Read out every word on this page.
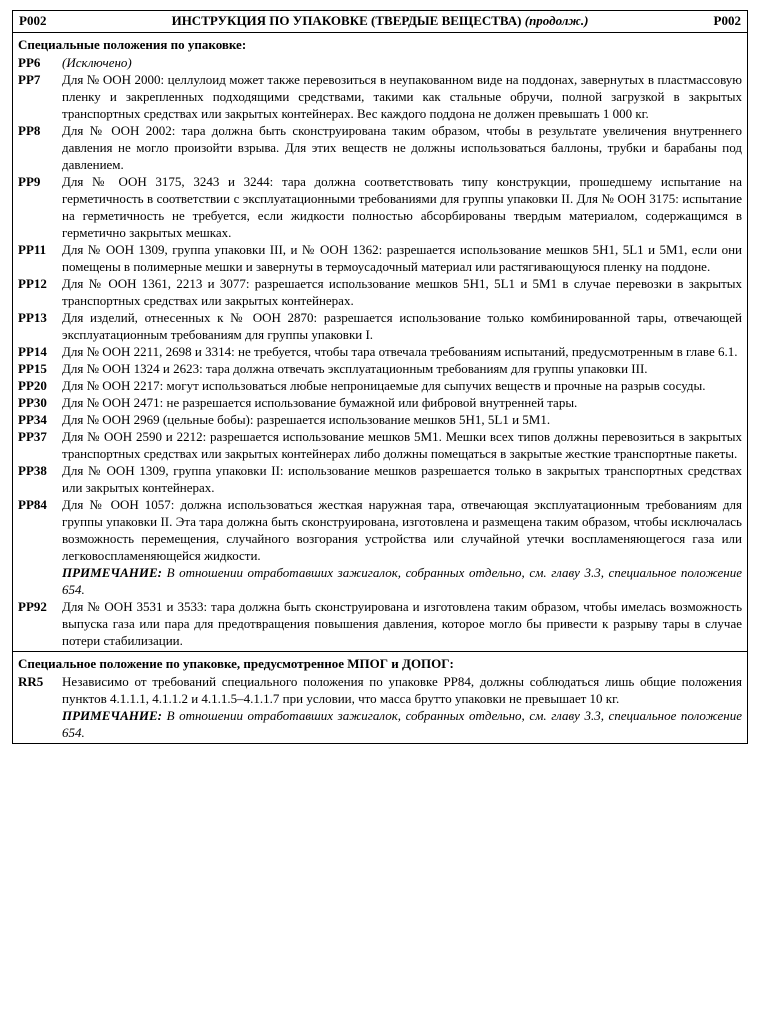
P002	ИНСТРУКЦИЯ ПО УПАКОВКЕ (ТВЕРДЫЕ ВЕЩЕСТВА) (продолж.)	P002
Специальные положения по упаковке:
PP6	(Исключено)
PP7	Для № ООН 2000: целлулоид может также перевозиться в неупакованном виде на поддонах, завернутых в пластмассовую пленку и закрепленных подходящими средствами, такими как стальные обручи, полной загрузкой в закрытых транспортных средствах или закрытых контейнерах. Вес каждого поддона не должен превышать 1 000 кг.
PP8	Для № ООН 2002: тара должна быть сконструирована таким образом, чтобы в результате увеличения внутреннего давления не могло произойти взрыва. Для этих веществ не должны использоваться баллоны, трубки и барабаны под давлением.
PP9	Для № ООН 3175, 3243 и 3244: тара должна соответствовать типу конструкции, прошедшему испытание на герметичность в соответствии с эксплуатационными требованиями для группы упаковки II. Для № ООН 3175: испытание на герметичность не требуется, если жидкости полностью абсорбированы твердым материалом, содержащимся в герметично закрытых мешках.
PP11	Для № ООН 1309, группа упаковки III, и № ООН 1362: разрешается использование мешков 5H1, 5L1 и 5M1, если они помещены в полимерные мешки и завернуты в термоусадочный материал или растягивающуюся пленку на поддоне.
PP12	Для № ООН 1361, 2213 и 3077: разрешается использование мешков 5H1, 5L1 и 5M1 в случае перевозки в закрытых транспортных средствах или закрытых контейнерах.
PP13	Для изделий, отнесенных к № ООН 2870: разрешается использование только комбинированной тары, отвечающей эксплуатационным требованиям для группы упаковки I.
PP14	Для № ООН 2211, 2698 и 3314: не требуется, чтобы тара отвечала требованиям испытаний, предусмотренным в главе 6.1.
PP15	Для № ООН 1324 и 2623: тара должна отвечать эксплуатационным требованиям для группы упаковки III.
PP20	Для № ООН 2217: могут использоваться любые непроницаемые для сыпучих веществ и прочные на разрыв сосуды.
PP30	Для № ООН 2471: не разрешается использование бумажной или фибровой внутренней тары.
PP34	Для № ООН 2969 (цельные бобы): разрешается использование мешков 5H1, 5L1 и 5M1.
PP37	Для № ООН 2590 и 2212: разрешается использование мешков 5M1. Мешки всех типов должны перевозиться в закрытых транспортных средствах или закрытых контейнерах либо должны помещаться в закрытые жесткие транспортные пакеты.
PP38	Для № ООН 1309, группа упаковки II: использование мешков разрешается только в закрытых транспортных средствах или закрытых контейнерах.
PP84	Для № ООН 1057: должна использоваться жесткая наружная тара, отвечающая эксплуатационным требованиям для группы упаковки II. Эта тара должна быть сконструирована, изготовлена и размещена таким образом, чтобы исключалась возможность перемещения, случайного возгорания устройства или случайной утечки воспламеняющегося газа или легковоспламеняющейся жидкости.
ПРИМЕЧАНИЕ: В отношении отработавших зажигалок, собранных отдельно, см. главу 3.3, специальное положение 654.
PP92	Для № ООН 3531 и 3533: тара должна быть сконструирована и изготовлена таким образом, чтобы имелась возможность выпуска газа или пара для предотвращения повышения давления, которое могло бы привести к разрыву тары в случае потери стабилизации.
Специальное положение по упаковке, предусмотренное МПОГ и ДОПОГ:
RR5	Независимо от требований специального положения по упаковке PP84, должны соблюдаться лишь общие положения пунктов 4.1.1.1, 4.1.1.2 и 4.1.1.5–4.1.1.7 при условии, что масса брутто упаковки не превышает 10 кг.
ПРИМЕЧАНИЕ: В отношении отработавших зажигалок, собранных отдельно, см. главу 3.3, специальное положение 654.
